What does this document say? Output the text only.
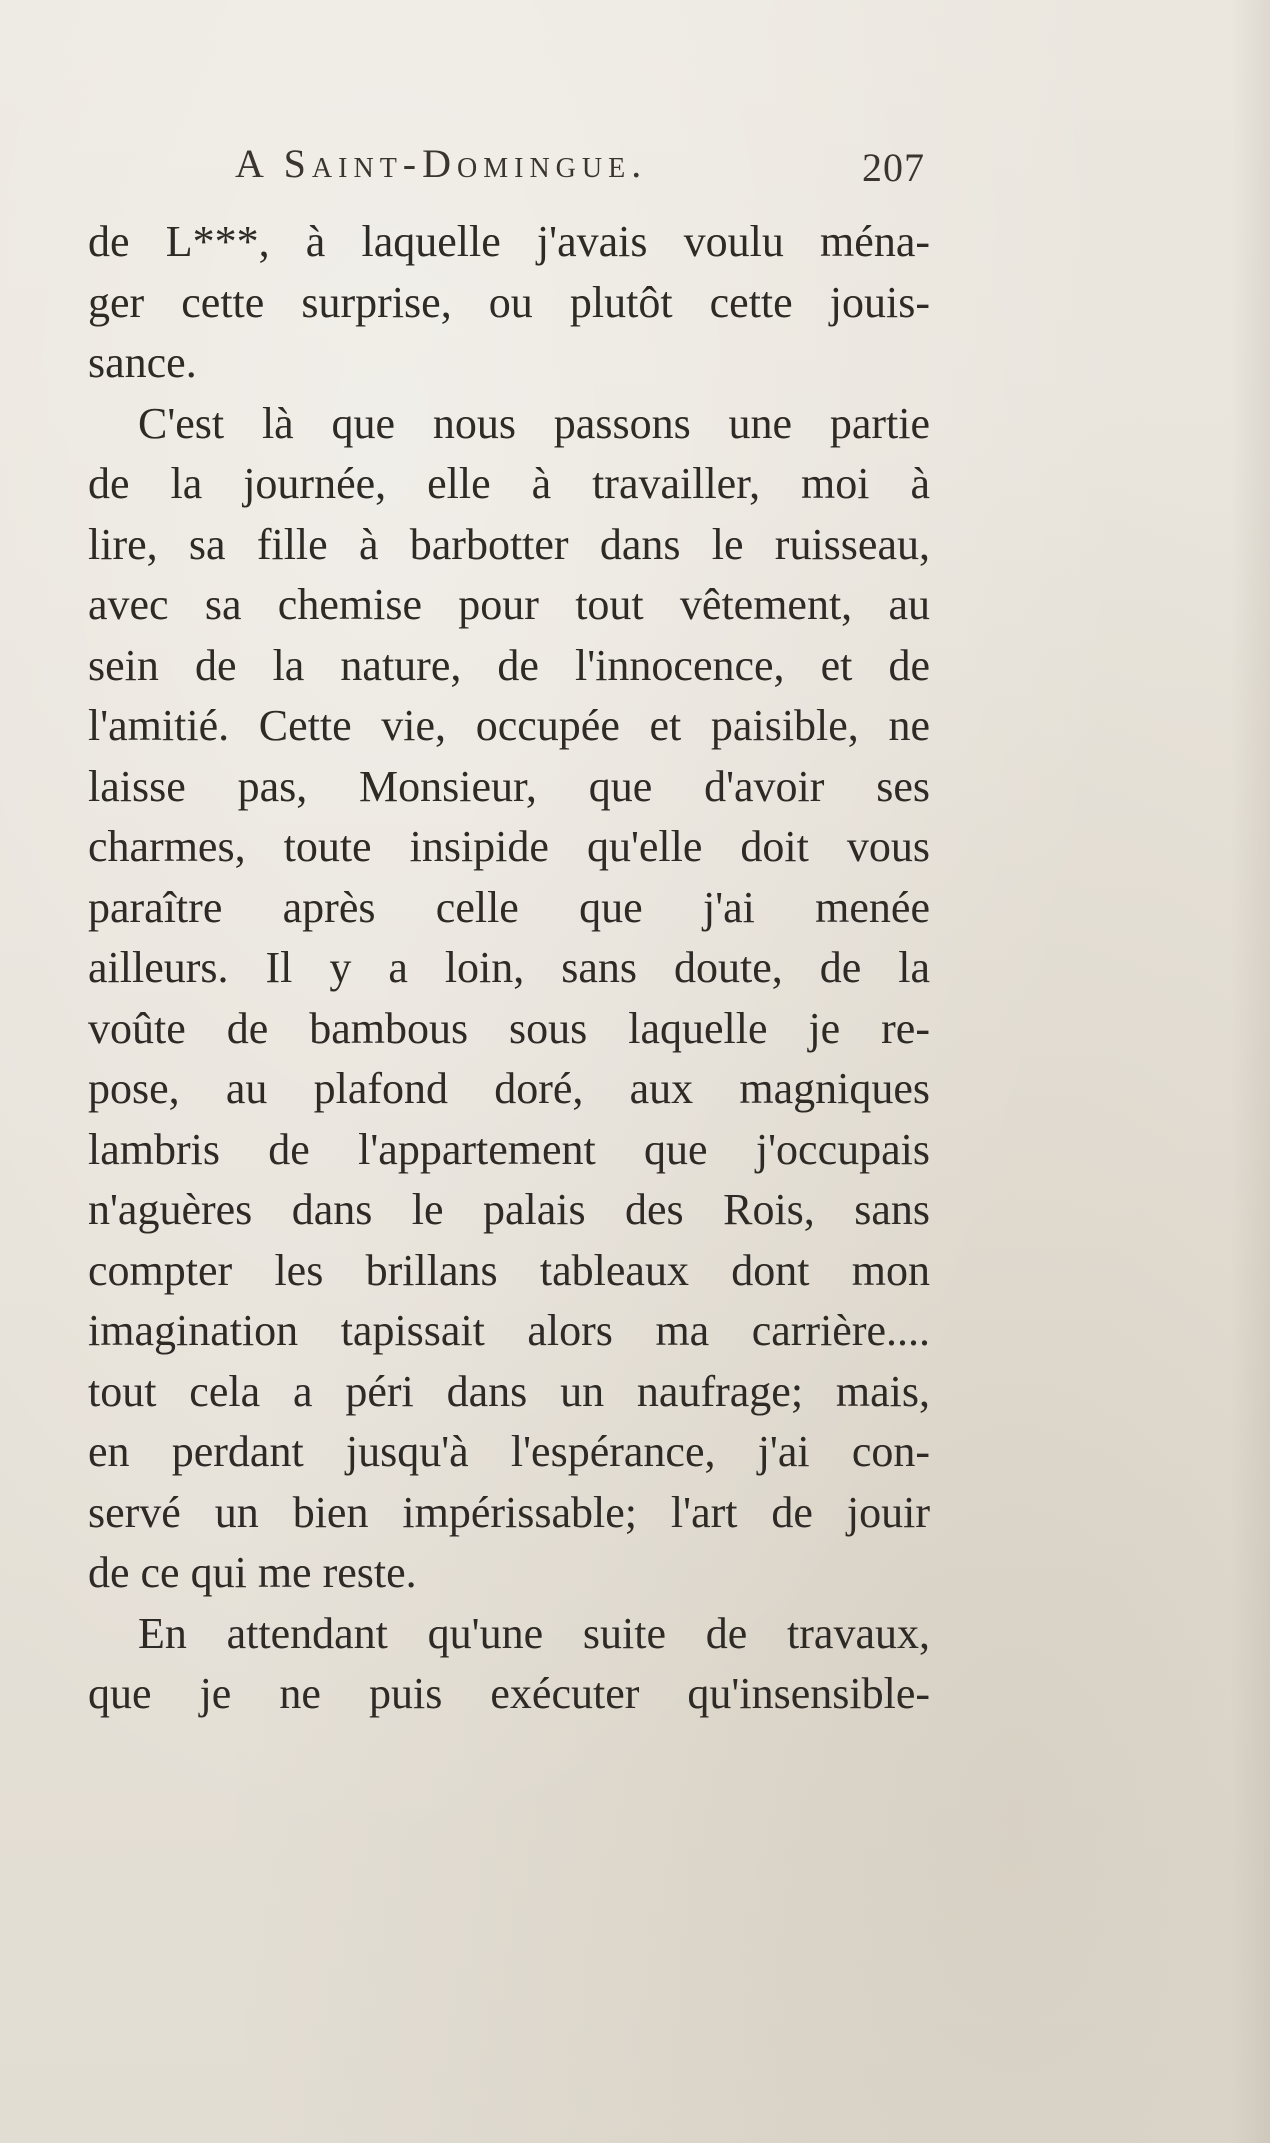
A Saint-Domingue.	207
de L***, à laquelle j'avais voulu ména-
ger cette surprise, ou plutôt cette jouis-
sance.
C'est là que nous passons une partie
de la journée, elle à travailler, moi à
lire, sa fille à barbotter dans le ruisseau,
avec sa chemise pour tout vêtement, au
sein de la nature, de l'innocence, et de
l'amitié. Cette vie, occupée et paisible, ne
laisse pas, Monsieur, que d'avoir ses
charmes, toute insipide qu'elle doit vous
paraître après celle que j'ai menée
ailleurs. Il y a loin, sans doute, de la
voûte de bambous sous laquelle je re-
pose, au plafond doré, aux magniques
lambris de l'appartement que j'occupais
n'aguères dans le palais des Rois, sans
compter les brillans tableaux dont mon
imagination tapissait alors ma carrière....
tout cela a péri dans un naufrage; mais,
en perdant jusqu'à l'espérance, j'ai con-
servé un bien impérissable; l'art de jouir
de ce qui me reste.
En attendant qu'une suite de travaux,
que je ne puis exécuter qu'insensible-
